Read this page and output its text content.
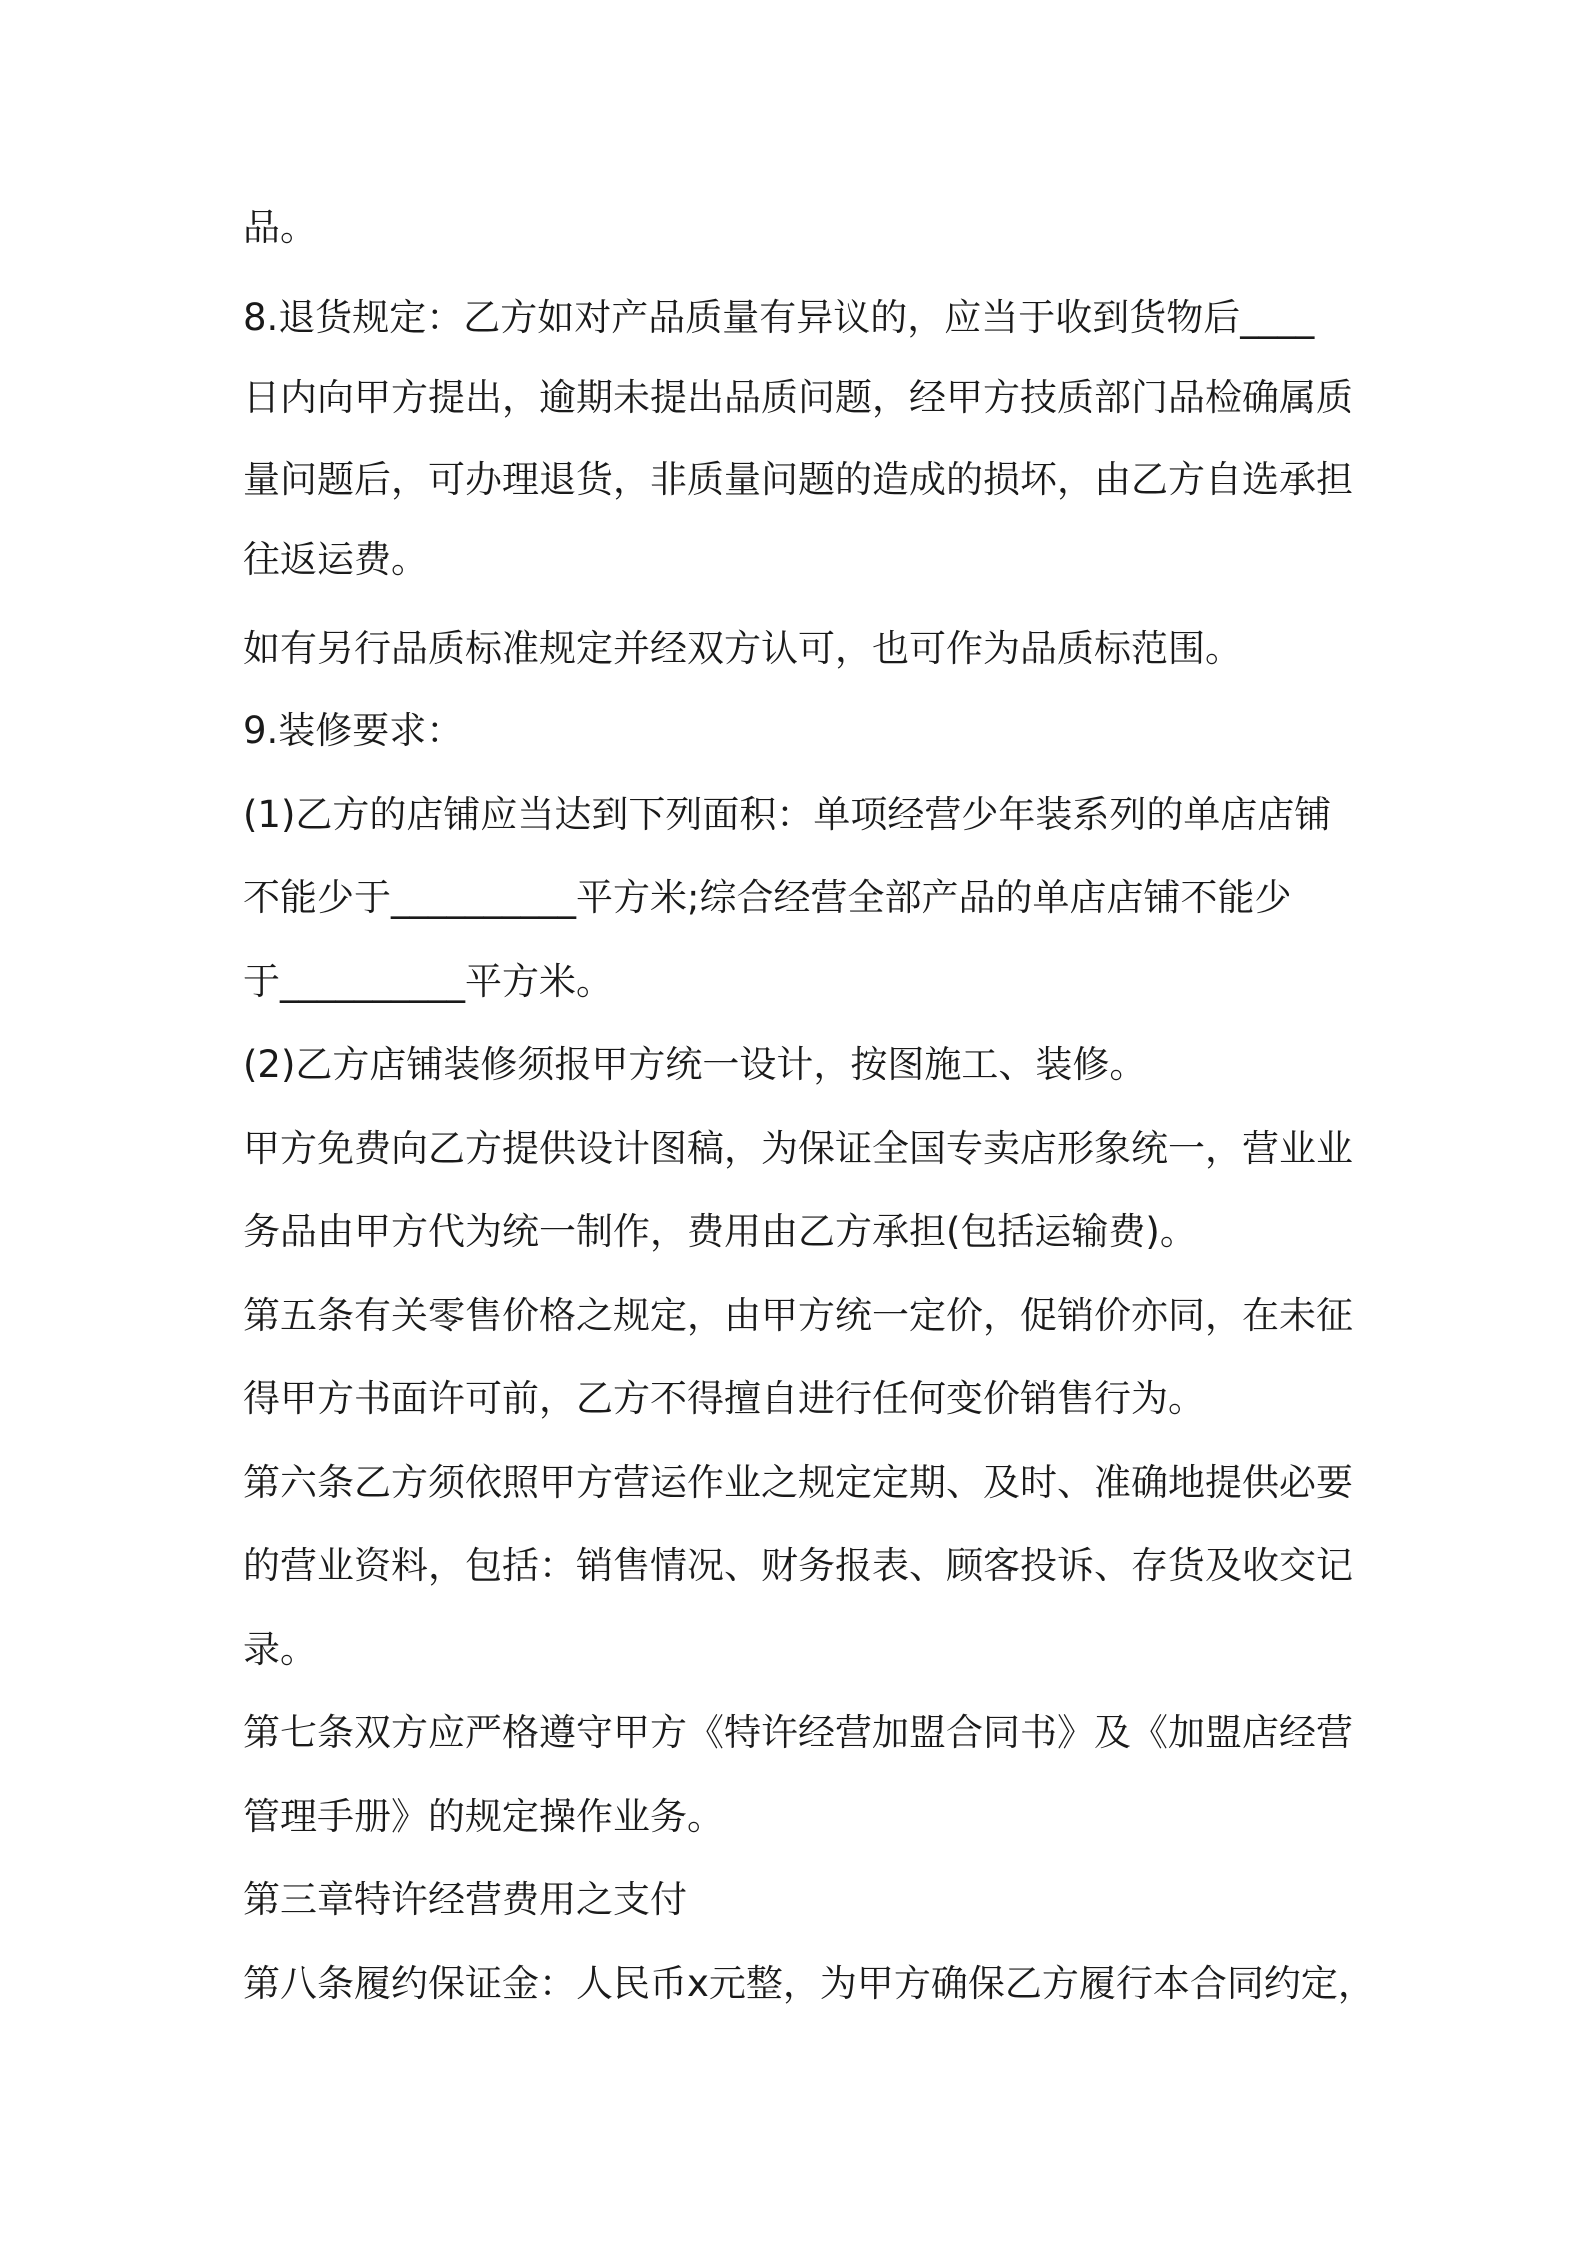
品。
8.退货规定：乙方如对产品质量有异议的，应当于收到货物后____
日内向甲方提出，逾期未提出品质问题，经甲方技质部门品检确属质
量问题后，可办理退货，非质量问题的造成的损坏，由乙方自选承担
往返运费。
如有另行品质标准规定并经双方认可，也可作为品质标范围。
9.装修要求：
(1)乙方的店铺应当达到下列面积：单项经营少年装系列的单店店铺
不能少于__________平方米;综合经营全部产品的单店店铺不能少
于__________平方米。
(2)乙方店铺装修须报甲方统一设计，按图施工、装修。
甲方免费向乙方提供设计图稿，为保证全国专卖店形象统一，营业业
务品由甲方代为统一制作，费用由乙方承担(包括运输费)。
第五条有关零售价格之规定，由甲方统一定价，促销价亦同，在未征
得甲方书面许可前，乙方不得擅自进行任何变价销售行为。
第六条乙方须依照甲方营运作业之规定定期、及时、准确地提供必要
的营业资料，包括：销售情况、财务报表、顾客投诉、存货及收交记
录。
第七条双方应严格遵守甲方《特许经营加盟合同书》及《加盟店经营
管理手册》的规定操作业务。
第三章特许经营费用之支付
第八条履约保证金：人民币x元整，为甲方确保乙方履行本合同约定，
